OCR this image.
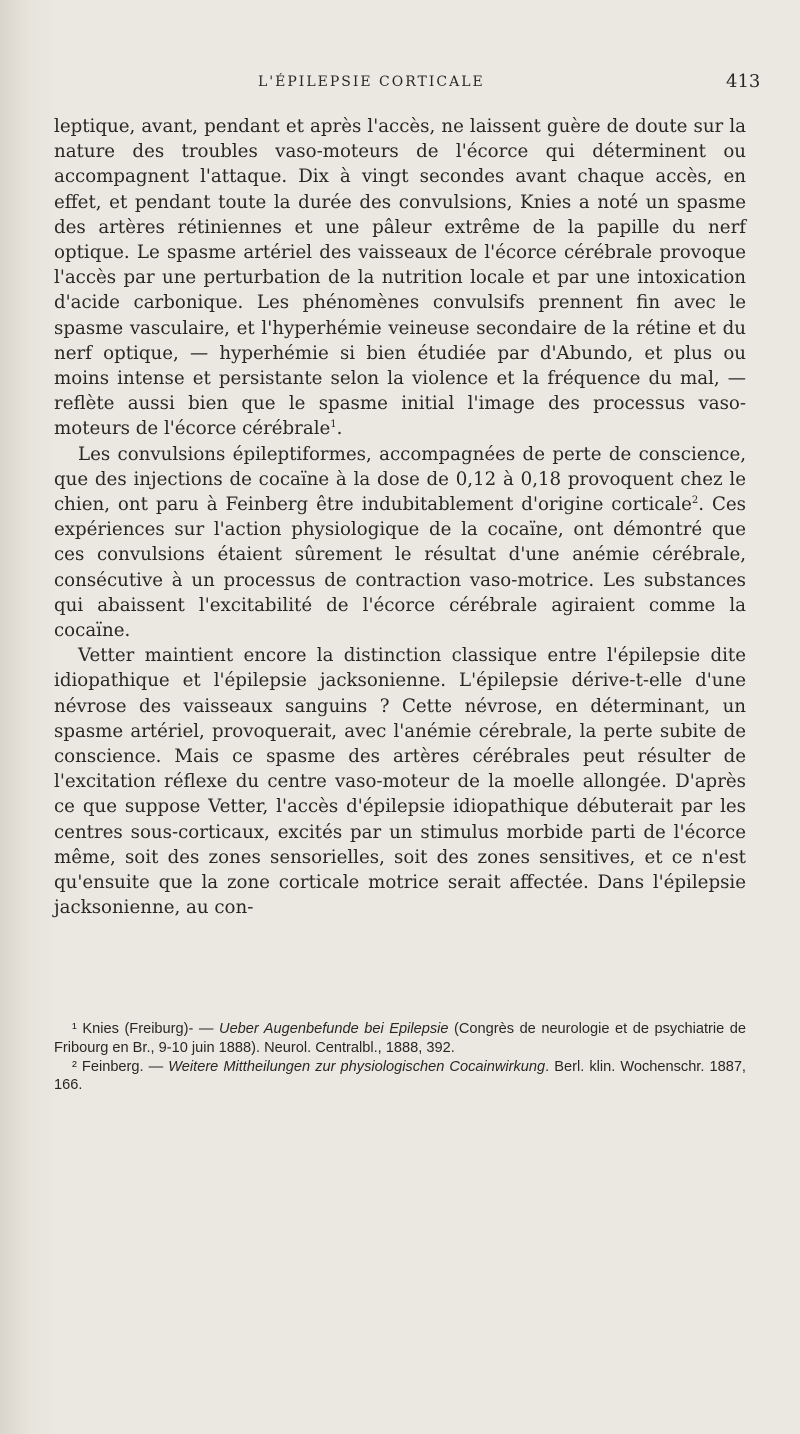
L'ÉPILEPSIE CORTICALE	413

leptique, avant, pendant et après l'accès, ne laissent guère de doute sur la nature des troubles vaso-moteurs de l'écorce qui déterminent ou accompagnent l'attaque. Dix à vingt secondes avant chaque accès, en effet, et pendant toute la durée des convulsions, Knies a noté un spasme des artères rétiniennes et une pâleur extrême de la papille du nerf optique. Le spasme artériel des vaisseaux de l'écorce cérébrale provoque l'accès par une perturbation de la nutrition locale et par une intoxication d'acide carbonique. Les phénomènes convulsifs prennent fin avec le spasme vasculaire, et l'hyperhémie veineuse secondaire de la rétine et du nerf optique, — hyperhémie si bien étudiée par d'Abundo, et plus ou moins intense et persistante selon la violence et la fréquence du mal, — reflète aussi bien que le spasme initial l'image des processus vaso-moteurs de l'écorce cérébrale$^1$.

Les convulsions épileptiformes, accompagnées de perte de conscience, que des injections de cocaïne à la dose de 0,12 à 0,18 provoquent chez le chien, ont paru à Feinberg être indubitablement d'origine corticale$^2$. Ces expériences sur l'action physiologique de la cocaïne, ont démontré que ces convulsions étaient sûrement le résultat d'une anémie cérébrale, consécutive à un processus de contraction vaso-motrice. Les substances qui abaissent l'excitabilité de l'écorce cérébrale agiraient comme la cocaïne.

Vetter maintient encore la distinction classique entre l'épilepsie dite idiopathique et l'épilepsie jacksonienne. L'épilepsie dérive-t-elle d'une névrose des vaisseaux sanguins ? Cette névrose, en déterminant, un spasme artériel, provoquerait, avec l'anémie cérebrale, la perte subite de conscience. Mais ce spasme des artères cérébrales peut résulter de l'excitation réflexe du centre vaso-moteur de la moelle allongée. D'après ce que suppose Vetter, l'accès d'épilepsie idiopathique débuterait par les centres sous-corticaux, excités par un stimulus morbide parti de l'écorce même, soit des zones sensorielles, soit des zones sensitives, et ce n'est qu'ensuite que la zone corticale motrice serait affectée. Dans l'épilepsie jacksonienne, au con-

¹ Knies (Freiburg)- — Ueber Augenbefunde bei Epilepsie (Congrès de neurologie et de psychiatrie de Fribourg en Br., 9-10 juin 1888). Neurol. Centralbl., 1888, 392.

² Feinberg. — Weitere Mittheilungen zur physiologischen Cocainwirkung. Berl. klin. Wochenschr. 1887, 166.
